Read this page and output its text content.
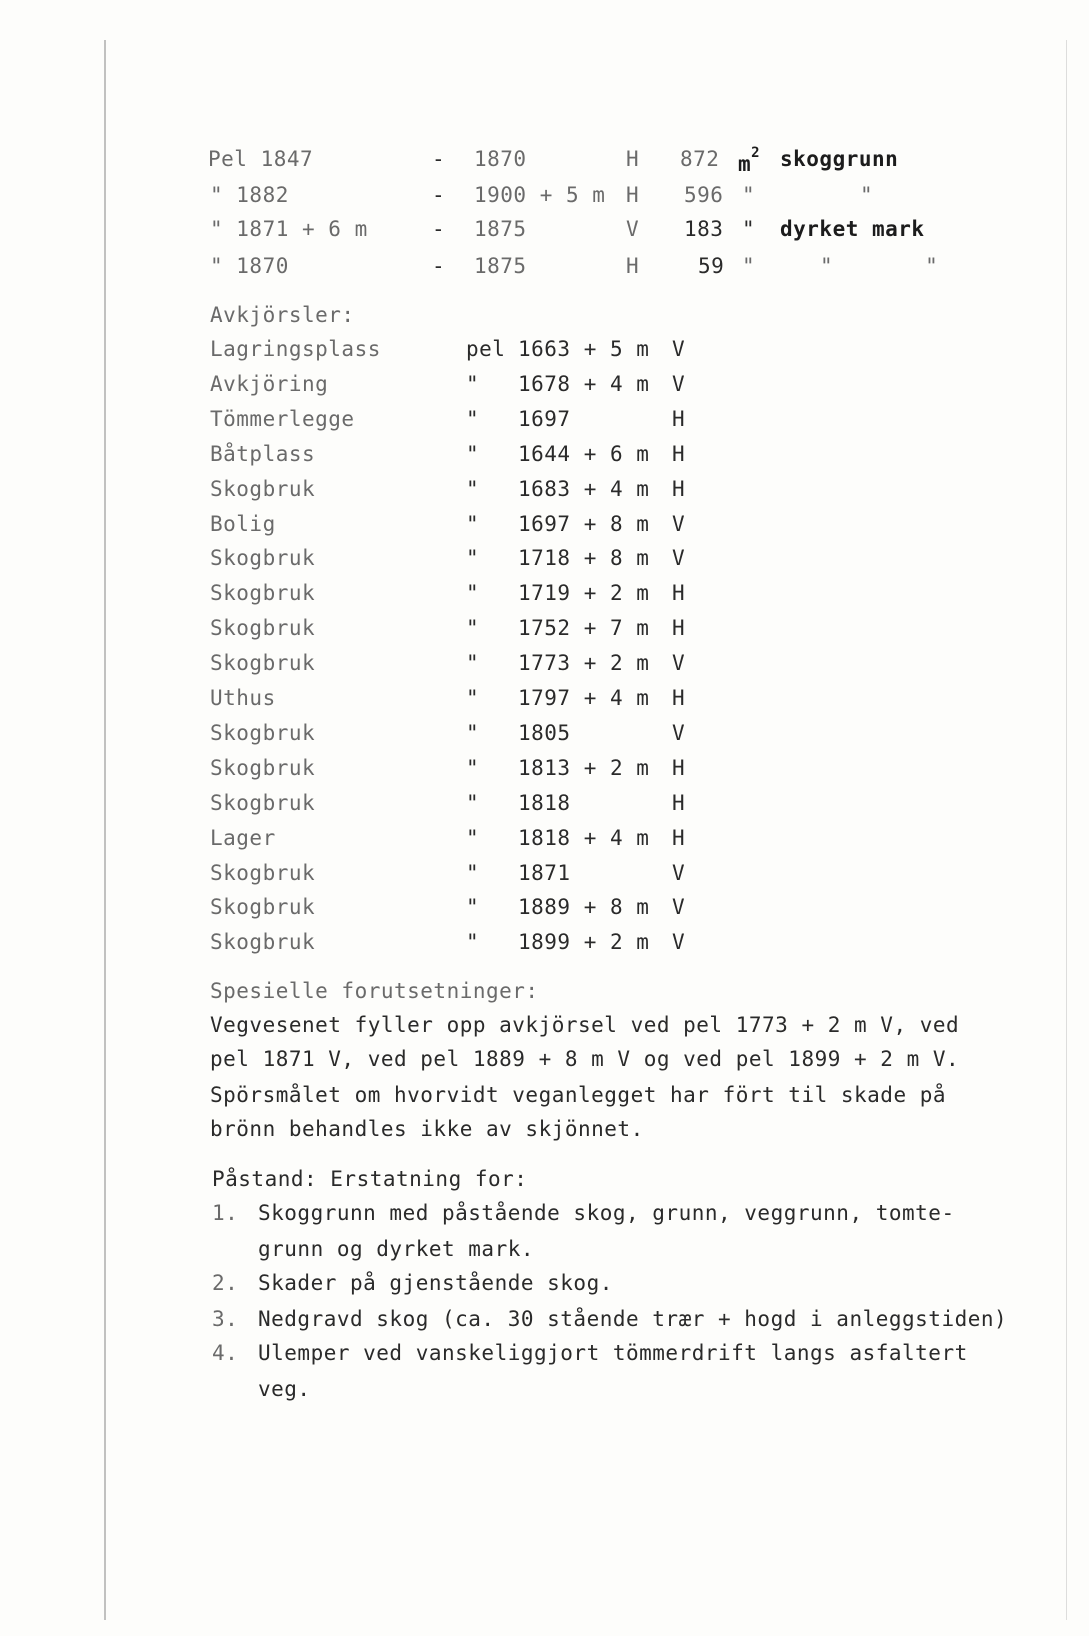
Pel 1847	- 1870	H 872 $m^2$ skoggrunn
" 1882	- 1900 + 5 m H 596 "	"
" 1871 + 6 m	- 1875	V 183 " dyrket mark
" 1870	- 1875	H	59 "	"       "
Avkjörsler:
Lagringsplass	pel 1663 + 5 m V
Avkjöring	" 1678 + 4 m V
Tömmerlegge	" 1697	H
Båtplass	" 1644 + 6 m H
Skogbruk	" 1683 + 4 m H
Bolig	" 1697 + 8 m V
Skogbruk	" 1718 + 8 m V
Skogbruk	" 1719 + 2 m H
Skogbruk	" 1752 + 7 m H
Skogbruk	" 1773 + 2 m V
Uthus	" 1797 + 4 m H
Skogbruk	" 1805	V
Skogbruk	" 1813 + 2 m H
Skogbruk	" 1818	H
Lager	" 1818 + 4 m H
Skogbruk	" 1871	V
Skogbruk	" 1889 + 8 m V
Skogbruk	" 1899 + 2 m V
Spesielle forutsetninger:
Vegvesenet fyller opp avkjörsel ved pel 1773 + 2 m V, ved
pel 1871 V, ved pel 1889 + 8 m V og ved pel 1899 + 2 m V.
Spörsmålet om hvorvidt veganlegget har fört til skade på
brönn behandles ikke av skjönnet.
Påstand: Erstatning for:
1. Skoggrunn med påstående skog, grunn, veggrunn, tomte-
grunn og dyrket mark.
2. Skader på gjenstående skog.
3. Nedgravd skog (ca. 30 stående trær + hogd i anleggstiden)
4. Ulemper ved vanskeliggjort tömmerdrift langs asfaltert
veg.
